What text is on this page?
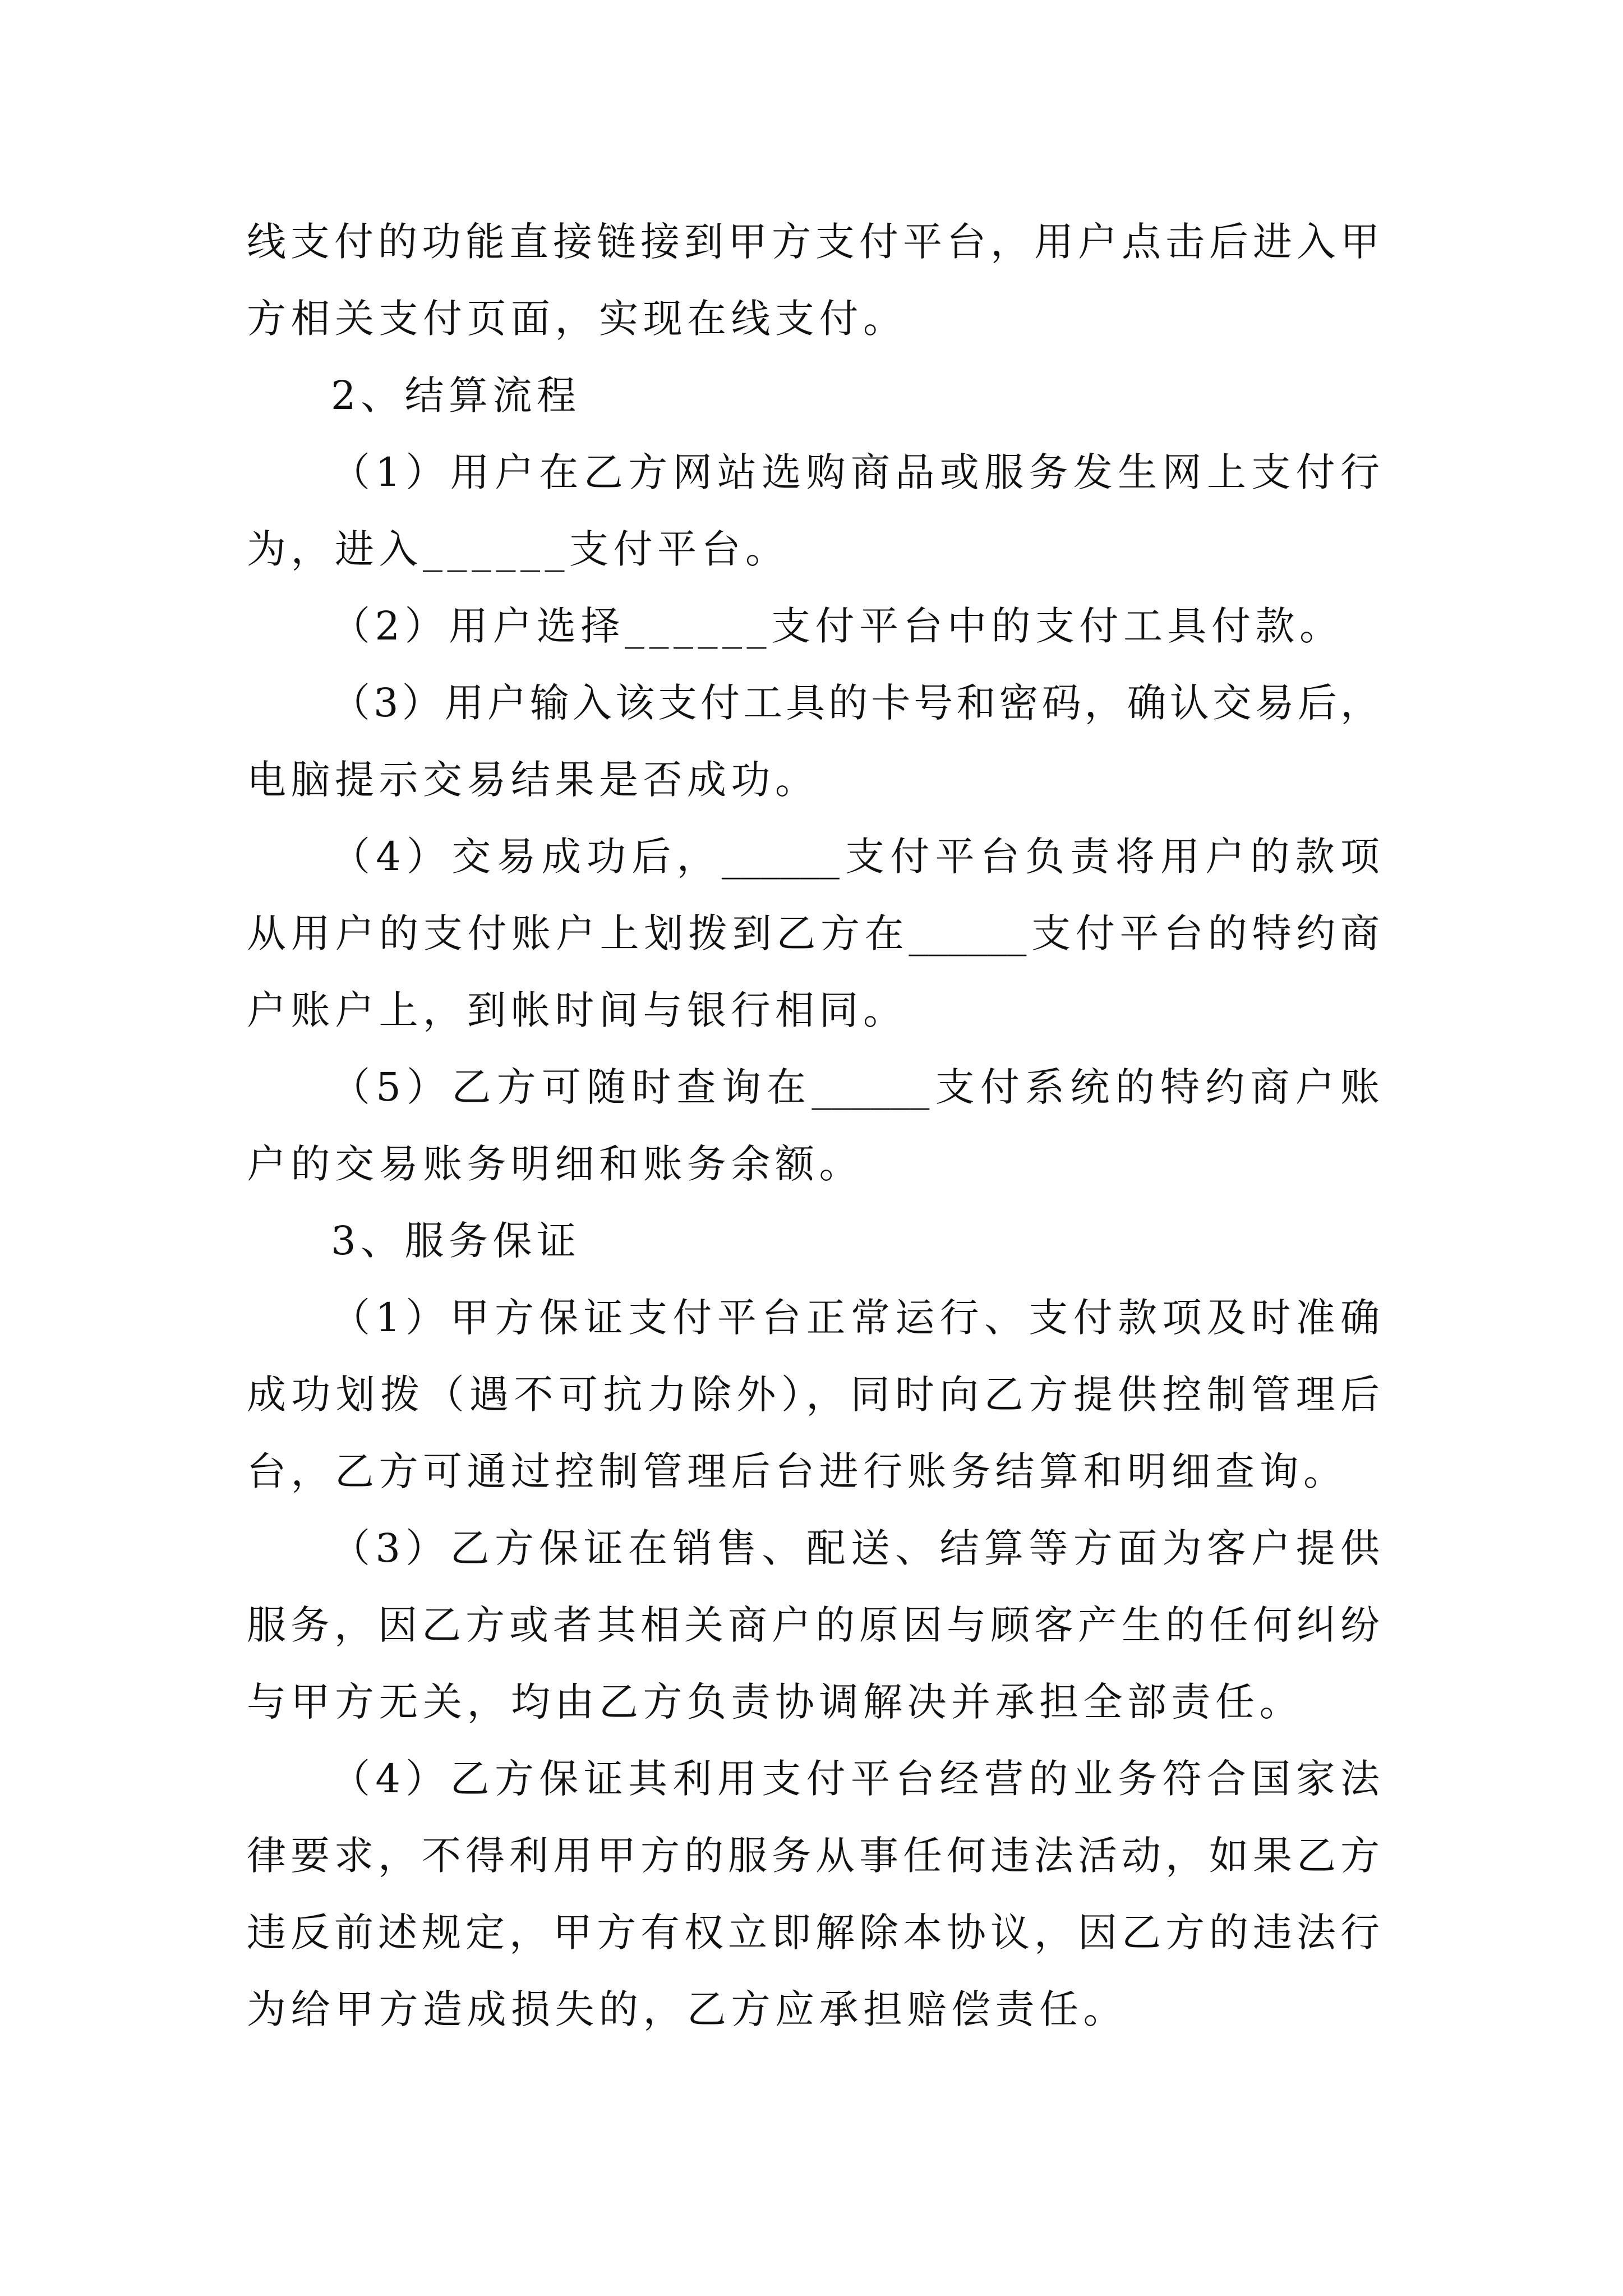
线支付的功能直接链接到甲方支付平台，用户点击后进入甲
方相关支付页面，实现在线支付。
2、结算流程
（1）用户在乙方网站选购商品或服务发生网上支付行
为，进入______支付平台。
（2）用户选择______支付平台中的支付工具付款。
（3）用户输入该支付工具的卡号和密码，确认交易后，
电脑提示交易结果是否成功。
（4）交易成功后，______支付平台负责将用户的款项
从用户的支付账户上划拨到乙方在______支付平台的特约商
户账户上，到帐时间与银行相同。
（5）乙方可随时查询在______支付系统的特约商户账
户的交易账务明细和账务余额。
3、服务保证
（1）甲方保证支付平台正常运行、支付款项及时准确
成功划拨（遇不可抗力除外），同时向乙方提供控制管理后
台，乙方可通过控制管理后台进行账务结算和明细查询。
（3）乙方保证在销售、配送、结算等方面为客户提供
服务，因乙方或者其相关商户的原因与顾客产生的任何纠纷
与甲方无关，均由乙方负责协调解决并承担全部责任。
（4）乙方保证其利用支付平台经营的业务符合国家法
律要求，不得利用甲方的服务从事任何违法活动，如果乙方
违反前述规定，甲方有权立即解除本协议，因乙方的违法行
为给甲方造成损失的，乙方应承担赔偿责任。
